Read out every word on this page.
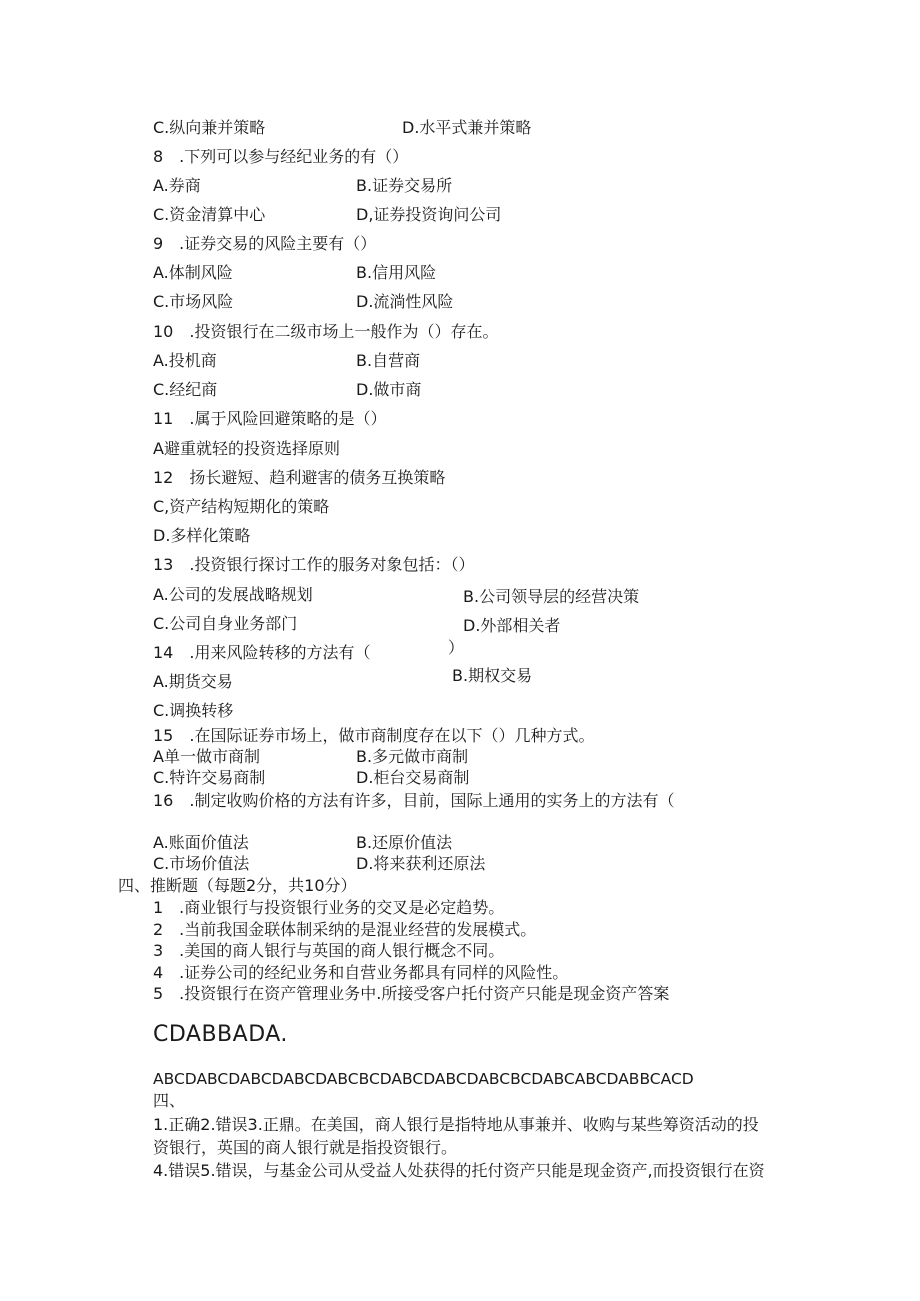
C.纵向兼并策略	D.水平式兼并策略
8　.下列可以参与经纪业务的有（）
A.券商	B.证券交易所
C.资金清算中心	D,证券投资询问公司
9　.证券交易的风险主要有（）
A.体制风险	B.信用风险
C.市场风险	D.流淌性风险
10　.投资银行在二级市场上一般作为（）存在。
A.投机商	B.自营商
C.经纪商	D.做市商
11　.属于风险回避策略的是（）
A避重就轻的投资选择原则
12　扬长避短、趋利避害的债务互换策略
C,资产结构短期化的策略
D.多样化策略
13　.投资银行探讨工作的服务对象包括：（）
A.公司的发展战略规划	B.公司领导层的经营决策
C.公司自身业务部门	D.外部相关者
14　.用来风险转移的方法有（	）
A.期货交易	B.期权交易
C.调换转移
15　.在国际证券市场上，做市商制度存在以下（）几种方式。
A单一做市商制	B.多元做市商制
C.特许交易商制	D.柜台交易商制
16　.制定收购价格的方法有许多，目前，国际上通用的实务上的方法有（
A.账面价值法	B.还原价值法
C.市场价值法	D.将来获利还原法
四、推断题（每题2分，共10分）
1　.商业银行与投资银行业务的交叉是必定趋势。
2　.当前我国金联体制采纳的是混业经营的发展模式。
3　.美国的商人银行与英国的商人银行概念不同。
4　.证券公司的经纪业务和自营业务都具有同样的风险性。
5　.投资银行在资产管理业务中.所接受客户托付资产只能是现金资产答案
CDABBADA.
ABCDABCDABCDABCDABCBCDABCDABCDABCBCDABCABCDABBCACD
四、
1.正确2.错误3.正鼎。在美国，商人银行是指特地从事兼并、收购与某些筹资活动的投
资银行，英国的商人银行就是指投资银行。
4.错误5.错误，与基金公司从受益人处获得的托付资产只能是现金资产,而投资银行在资
